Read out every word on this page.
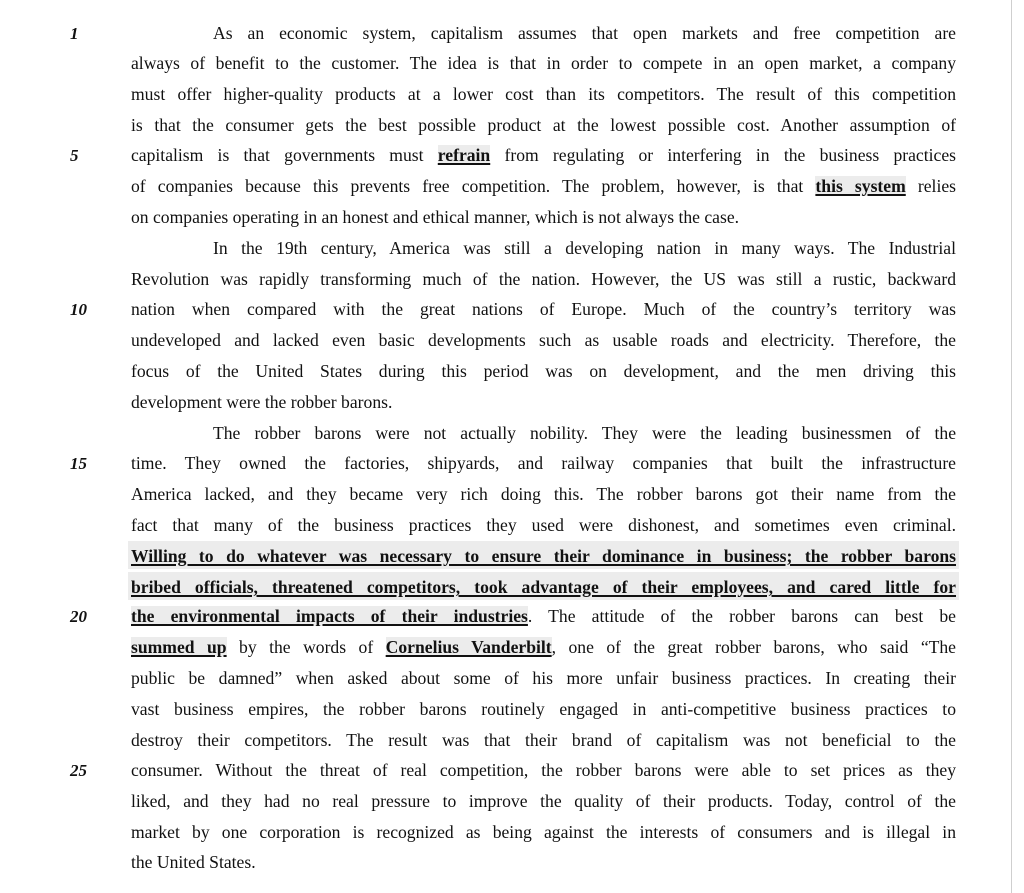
1
5
10
15
20
25
As an economic system, capitalism assumes that open markets and free competition are
always of benefit to the customer. The idea is that in order to compete in an open market, a company
must offer higher-quality products at a lower cost than its competitors. The result of this competition
is that the consumer gets the best possible product at the lowest possible cost. Another assumption of
capitalism is that governments must refrain from regulating or interfering in the business practices
of companies because this prevents free competition. The problem, however, is that this system relies
on companies operating in an honest and ethical manner, which is not always the case.
In the 19th century, America was still a developing nation in many ways. The Industrial
Revolution was rapidly transforming much of the nation. However, the US was still a rustic, backward
nation when compared with the great nations of Europe. Much of the country’s territory was
undeveloped and lacked even basic developments such as usable roads and electricity. Therefore, the
focus of the United States during this period was on development, and the men driving this
development were the robber barons.
The robber barons were not actually nobility. They were the leading businessmen of the
time. They owned the factories, shipyards, and railway companies that built the infrastructure
America lacked, and they became very rich doing this. The robber barons got their name from the
fact that many of the business practices they used were dishonest, and sometimes even criminal.
Willing to do whatever was necessary to ensure their dominance in business; the robber barons
bribed officials, threatened competitors, took advantage of their employees, and cared little for
the environmental impacts of their industries. The attitude of the robber barons can best be
summed up by the words of Cornelius Vanderbilt, one of the great robber barons, who said “The
public be damned” when asked about some of his more unfair business practices. In creating their
vast business empires, the robber barons routinely engaged in anti-competitive business practices to
destroy their competitors. The result was that their brand of capitalism was not beneficial to the
consumer. Without the threat of real competition, the robber barons were able to set prices as they
liked, and they had no real pressure to improve the quality of their products. Today, control of the
market by one corporation is recognized as being against the interests of consumers and is illegal in
the United States.
